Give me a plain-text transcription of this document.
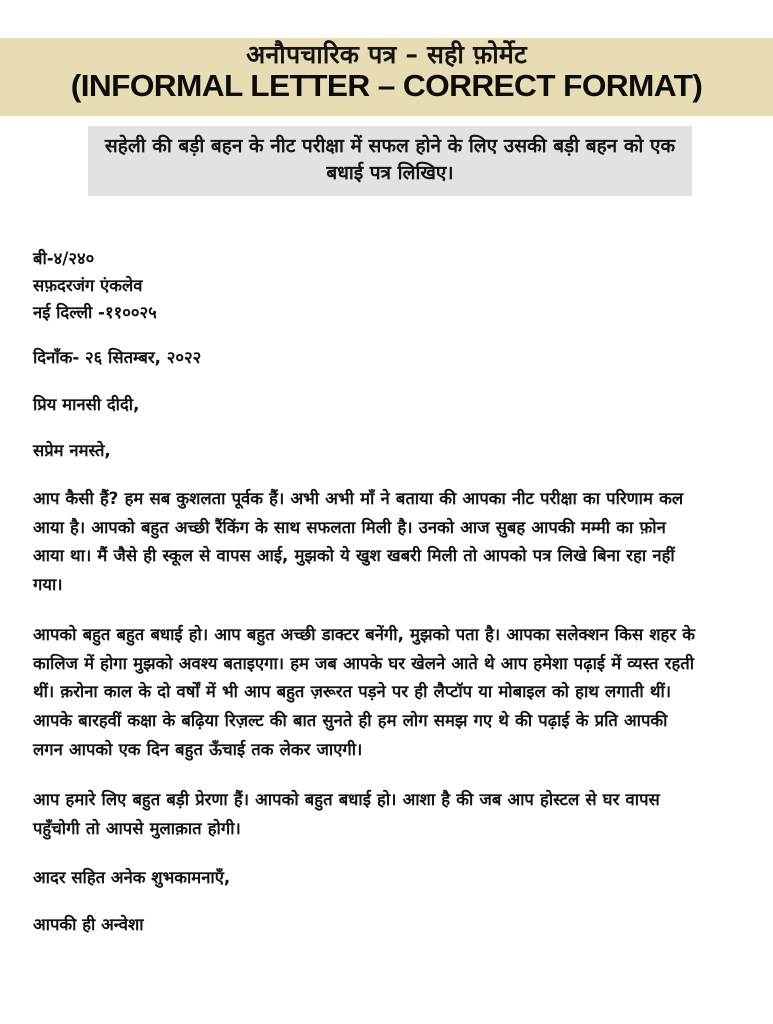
अनौपचारिक पत्र – सही फ़ोर्मेट
(INFORMAL LETTER – CORRECT FORMAT)

सहेली की बड़ी बहन के नीट परीक्षा में सफल होने के लिए उसकी बड़ी बहन को एक बधाई पत्र लिखिए।

बी-४/२४०

सफ़दरजंग एंकलेव

नई दिल्ली -११००२५

दिनाँक- २६ सितम्बर, २०२२

प्रिय मानसी दीदी,

सप्रेम नमस्ते,

आप कैसी हैं? हम सब कुशलता पूर्वक हैं। अभी अभी माँ ने बताया की आपका नीट परीक्षा का परिणाम कल आया है। आपको बहुत अच्छी रैंकिंग के साथ सफलता मिली है। उनको आज सुबह आपकी मम्मी का फ़ोन आया था। मैं जैसे ही स्कूल से वापस आई, मुझको ये खुश खबरी मिली तो आपको पत्र लिखे बिना रहा नहीं गया।

आपको बहुत बहुत बधाई हो। आप बहुत अच्छी डाक्टर बनेंगी, मुझको पता है। आपका सलेक्शन किस शहर के कालिज में होगा मुझको अवश्य बताइएगा। हम जब आपके घर खेलने आते थे आप हमेशा पढ़ाई में व्यस्त रहती थीं। क़रोना काल के दो वर्षों में भी आप बहुत ज़रूरत पड़ने पर ही लैप्टॉप या मोबाइल को हाथ लगाती थीं। आपके बारहवीं कक्षा के बढ़िया रिज़ल्ट की बात सुनते ही हम लोग समझ गए थे की पढ़ाई के प्रति आपकी लगन आपको एक दिन बहुत ऊँचाई तक लेकर जाएगी।

आप हमारे लिए बहुत बड़ी प्रेरणा हैं। आपको बहुत बधाई हो। आशा है की जब आप होस्टल से घर वापस पहुँचोगी तो आपसे मुलाक़ात होगी।

आदर सहित अनेक शुभकामनाएँ,

आपकी ही अन्वेशा
